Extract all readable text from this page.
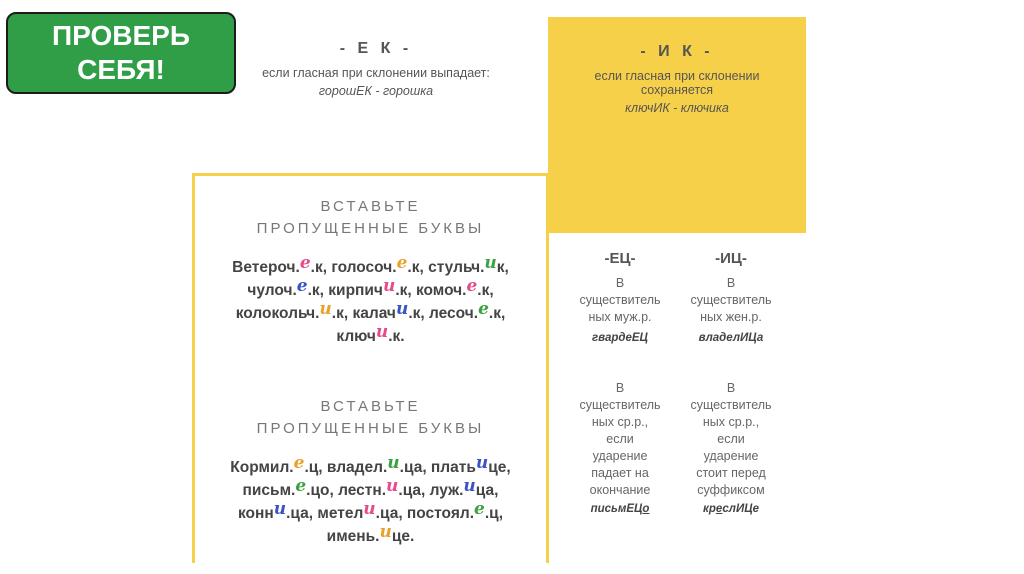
ПРОВЕРЬ
СЕБЯ!
- Е К -
если гласная при склонении выпадает:
горошЕК - горошка
- И К -
если гласная при склонении
сохраняется
ключИК - ключика
ВСТАВЬТЕ
ПРОПУЩЕННЫЕ БУКВЫ
Ветероч.е.к, голосоч.е.к, стульч.ик,
чулоч.е.к, кирпичи.к, комоч.е.к,
колокольч.и.к, калачи.к, лесоч.е.к,
ключи.к.
ВСТАВЬТЕ
ПРОПУЩЕННЫЕ БУКВЫ
Кормил.е.ц, владел.и.ца, платьице,
письм.е.цо, лестн.и.ца, луж.ица,
конни.ца, метели.ца, постоял.е.ц,
имень.ице.
-ЕЦ-
В
существитель
ных муж.р.
гвардеЕЦ
В
существитель
ных ср.р.,
если
ударение
падает на
окончание
письмЕЦо
-ИЦ-
В
существитель
ных жен.р.
владелИЦа
В
существитель
ных ср.р.,
если
ударение
стоит перед
суффиксом
креслИЦе
